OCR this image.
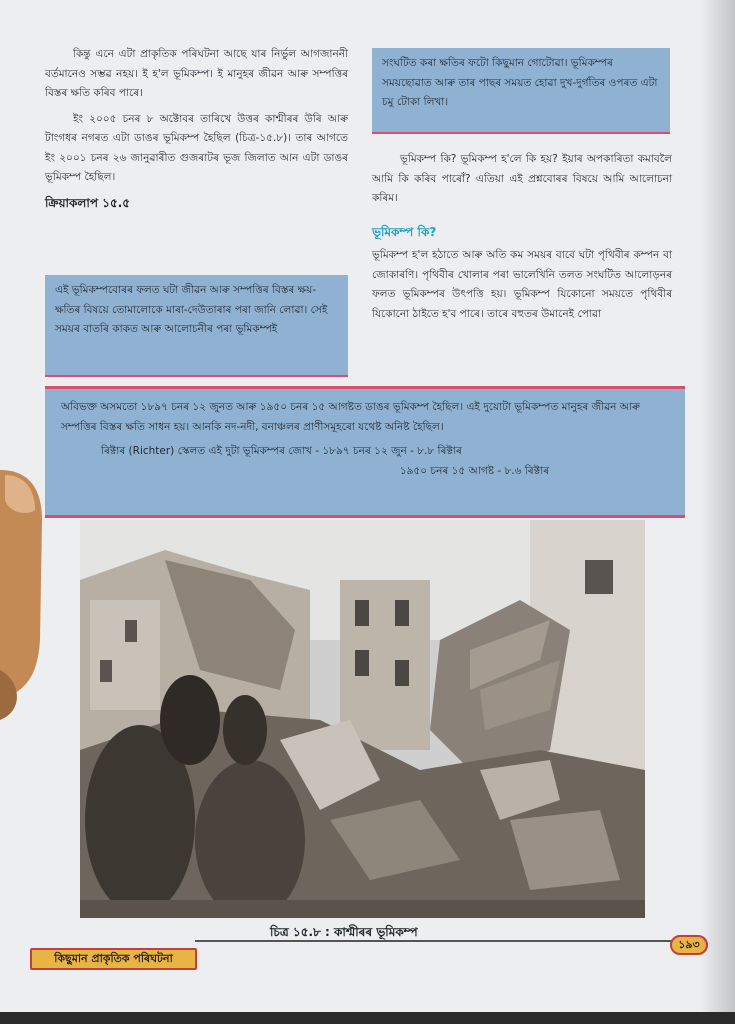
কিন্তু এনে এটা প্ৰাকৃতিক পৰিঘটনা আছে যাৰ নিৰ্ভুল আগজাননী বৰ্তমানেও সম্ভৱ নহয়। ই হ'ল ভূমিকম্প। ই মানুহৰ জীৱন আৰু সম্পত্তিৰ বিস্তৰ ক্ষতি কৰিব পাৰে।

ইং ২০০৫ চনৰ ৮ অক্টোবৰ তাৰিখে উত্তৰ কাশ্মীৰৰ উৰি আৰু টাংগধৰ নগৰত এটা ডাঙৰ ভূমিকম্প হৈছিল (চিত্ৰ-১৫.৮)। তাৰ আগতে ইং ২০০১ চনৰ ২৬ জানুৱাৰীত গুজৰাটৰ ভূজ জিলাত আন এটা ডাঙৰ ভূমিকম্প হৈছিল।

ক্ৰিয়াকলাপ ১৫.৫
এই ভূমিকম্পবোৰৰ ফলত ঘটা জীৱন আৰু সম্পত্তিৰ বিস্তৰ ক্ষয়-ক্ষতিৰ বিষয়ে তোমালোকে মাৰা-দেউতাৰাৰ পৰা জানি লোৱা। সেই সময়ৰ বাতৰি কাকত আৰু আলোচনীৰ পৰা ভূমিকম্পই
সংঘটিত কৰা ক্ষতিৰ ফটো কিছুমান গোটোৱা। ভূমিকম্পৰ সময়ছোৱাত আৰু তাৰ পাছৰ সময়ত হোৱা দুখ-দুৰ্গতিৰ ওপৰত এটা চমু টোকা লিখা।

ভূমিকম্প কি? ভূমিকম্প হ'লে কি হয়? ইয়াৰ অপকাৰিতা কমাবলৈ আমি কি কৰিব পাৰোঁ? এতিয়া এই প্ৰশ্নবোৰৰ বিষয়ে আমি আলোচনা কৰিম।

ভূমিকম্প কি?

ভূমিকম্প হ'ল হঠাতে আৰু অতি কম সময়ৰ বাবে ঘটা পৃথিবীৰ কম্পন বা জোকাৰণি। পৃথিবীৰ খোলাৰ পৰা ভালেখিনি তলত সংঘটিত আলোড়নৰ ফলত ভূমিকম্পৰ উৎপত্তি হয়। ভূমিকম্প যিকোনো সময়তে পৃথিবীৰ যিকোনো ঠাইতে হ'ব পাৰে। তাৰে বহুতৰ উমানেই পোৱা

অবিভক্ত অসমতো ১৮৯৭ চনৰ ১২ জুনত আৰু ১৯৫০ চনৰ ১৫ আগষ্টত ডাঙৰ ভূমিকম্প হৈছিল। এই দুয়োটা ভূমিকম্পত মানুহৰ জীৱন আৰু সম্পত্তিৰ বিস্তৰ ক্ষতি সাধন হয়। আনকি নদ-নদী, বনাঞ্চলৰ প্ৰাণীসমূহৰো যথেষ্ট অনিষ্ট হৈছিল।
ৰিক্টাৰ (Richter) স্কেলত এই দুটা ভূমিকম্পৰ জোখ - ১৮৯৭ চনৰ ১২ জুন - ৮.৮ ৰিক্টাৰ
১৯৫০ চনৰ ১৫ আগষ্ট - ৮.৬ ৰিক্টাৰ
চিত্ৰ ১৫.৮ : কাশ্মীৰৰ ভূমিকম্প
কিছুমান প্ৰাকৃতিক পৰিঘটনা
১৯৩
